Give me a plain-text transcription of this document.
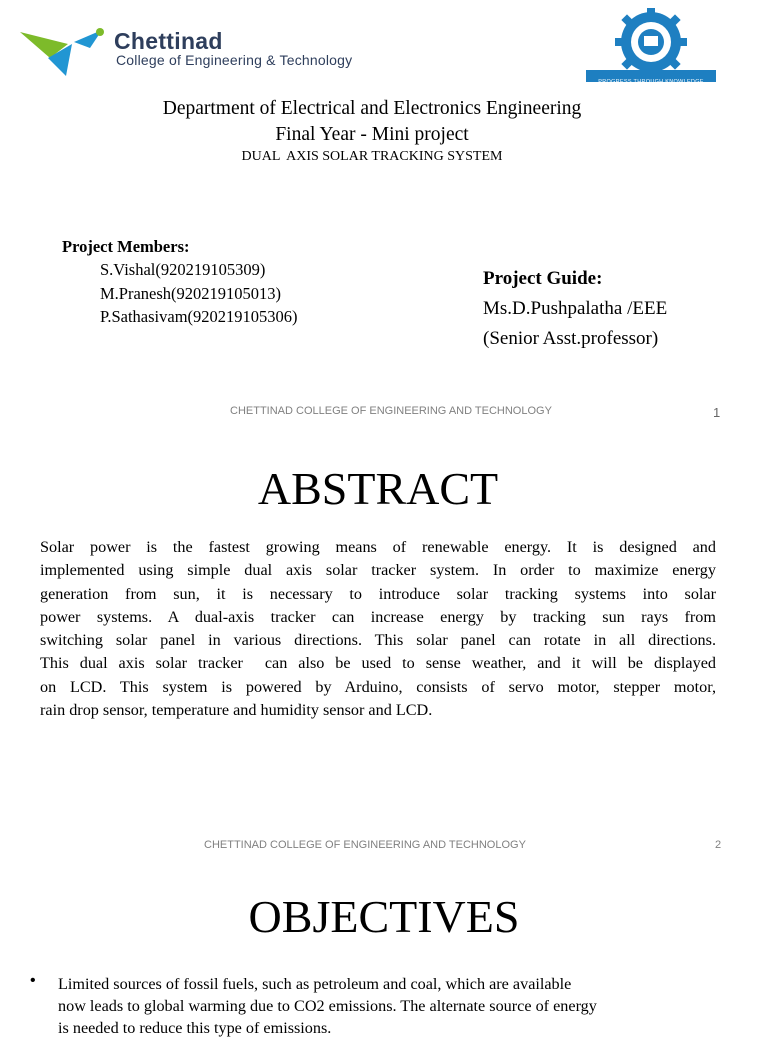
Chettinad
College of Engineering & Technology
PROGRESS THROUGH KNOWLEDGE
Department of Electrical and Electronics Engineering
Final Year - Mini project
DUAL  AXIS SOLAR TRACKING SYSTEM
Project Members:
S.Vishal(920219105309)
M.Pranesh(920219105013)
P.Sathasivam(920219105306)
Project Guide:
Ms.D.Pushpalatha /EEE
(Senior Asst.professor)
CHETTINAD COLLEGE OF ENGINEERING AND TECHNOLOGY	1
ABSTRACT
Solar power is the fastest growing means of renewable energy. It is designed and
implemented using simple dual axis solar tracker system. In order to maximize energy
generation from sun, it is necessary to introduce solar tracking systems into solar
power systems. A dual-axis tracker can increase energy by tracking sun rays from
switching solar panel in various directions. This solar panel can rotate in all directions.
This dual axis solar tracker  can also be used to sense weather, and it will be displayed
on LCD. This system is powered by Arduino, consists of servo motor, stepper motor,
rain drop sensor, temperature and humidity sensor and LCD.
CHETTINAD COLLEGE OF ENGINEERING AND TECHNOLOGY	2
OBJECTIVES
• Limited sources of fossil fuels, such as petroleum and coal, which are available
now leads to global warming due to CO2 emissions. The alternate source of energy
is needed to reduce this type of emissions.
